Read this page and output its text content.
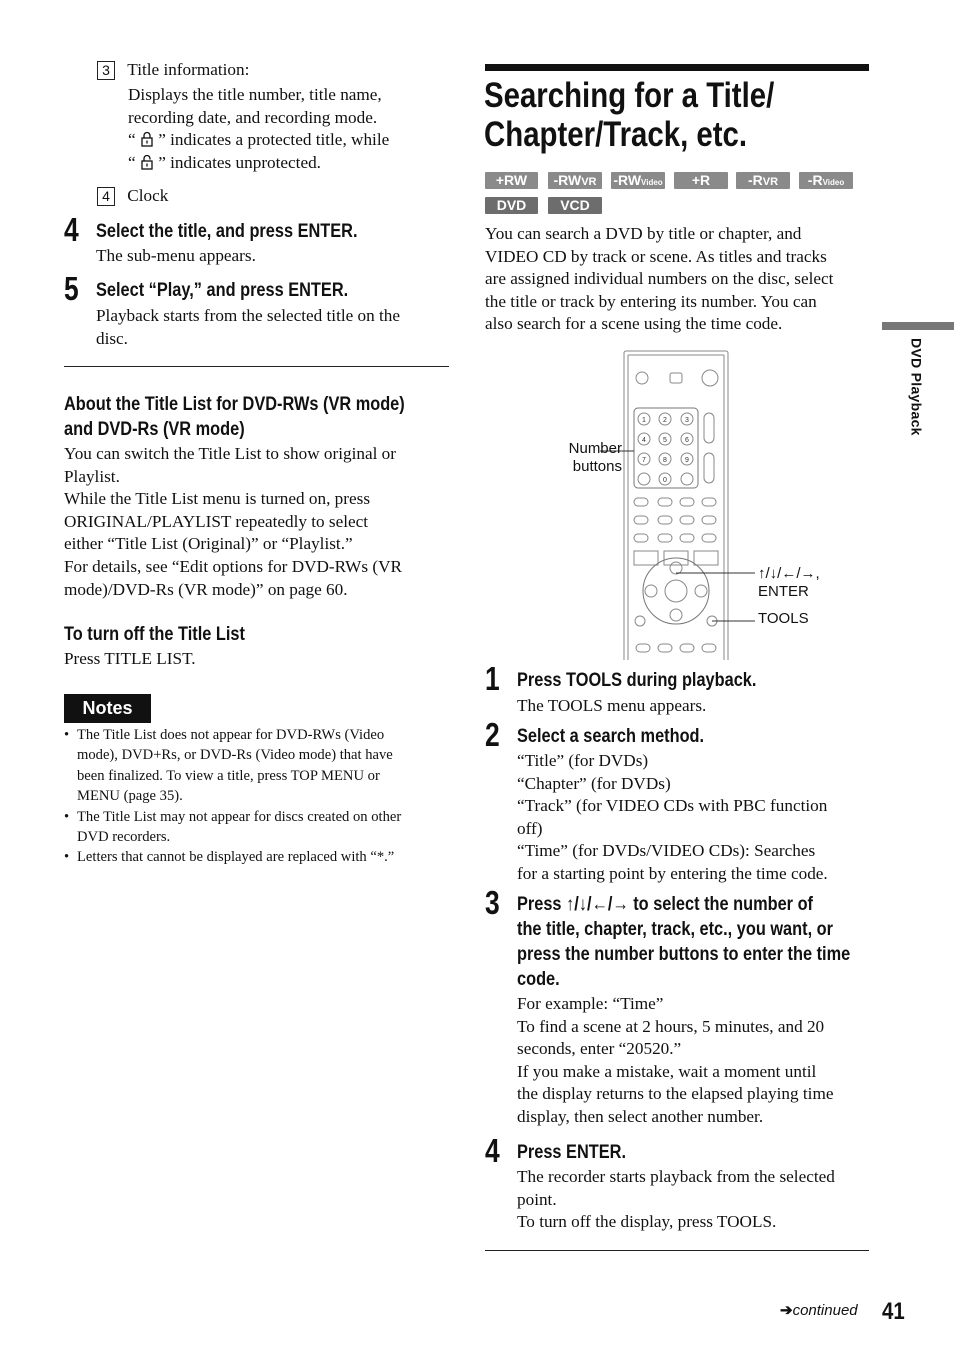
3 Title information:
Displays the title number, title name,
recording date, and recording mode.
“ ” indicates a protected title, while
“ ” indicates unprotected.
4 Clock
4 Select the title, and press ENTER.
The sub-menu appears.
5 Select “Play,” and press ENTER.
Playback starts from the selected title on the
disc.
About the Title List for DVD-RWs (VR mode)
and DVD-Rs (VR mode)
You can switch the Title List to show original or
Playlist.
While the Title List menu is turned on, press
ORIGINAL/PLAYLIST repeatedly to select
either “Title List (Original)” or “Playlist.”
For details, see “Edit options for DVD-RWs (VR
mode)/DVD-Rs (VR mode)” on page 60.
To turn off the Title List
Press TITLE LIST.
Notes
• The Title List does not appear for DVD-RWs (Video
mode), DVD+Rs, or DVD-Rs (Video mode) that have
been finalized. To view a title, press TOP MENU or
MENU (page 35).
• The Title List may not appear for discs created on other
DVD recorders.
• Letters that cannot be displayed are replaced with “*.”
Searching for a Title/
Chapter/Track, etc.
+RW	-RWVR	-RWVideo	+R	-RVR	-RVideo
DVD	VCD
You can search a DVD by title or chapter, and
VIDEO CD by track or scene. As titles and tracks
are assigned individual numbers on the disc, select
the title or track by entering its number. You can
also search for a scene using the time code.
1 2	3
4 5	6
7 8	9
0
Number
buttons
↑/↓/←/→,
ENTER
TOOLS
1 Press TOOLS during playback.
The TOOLS menu appears.
2 Select a search method.
“Title” (for DVDs)
“Chapter” (for DVDs)
“Track” (for VIDEO CDs with PBC function
off)
“Time” (for DVDs/VIDEO CDs): Searches
for a starting point by entering the time code.
3 Press ↑/↓/←/→ to select the number of
the title, chapter, track, etc., you want, or
press the number buttons to enter the time
code.
For example: “Time”
To find a scene at 2 hours, 5 minutes, and 20
seconds, enter “20520.”
If you make a mistake, wait a moment until
the display returns to the elapsed playing time
display, then select another number.
4 Press ENTER.
The recorder starts playback from the selected
point.
To turn off the display, press TOOLS.
DVD Playback
➔continued 41
